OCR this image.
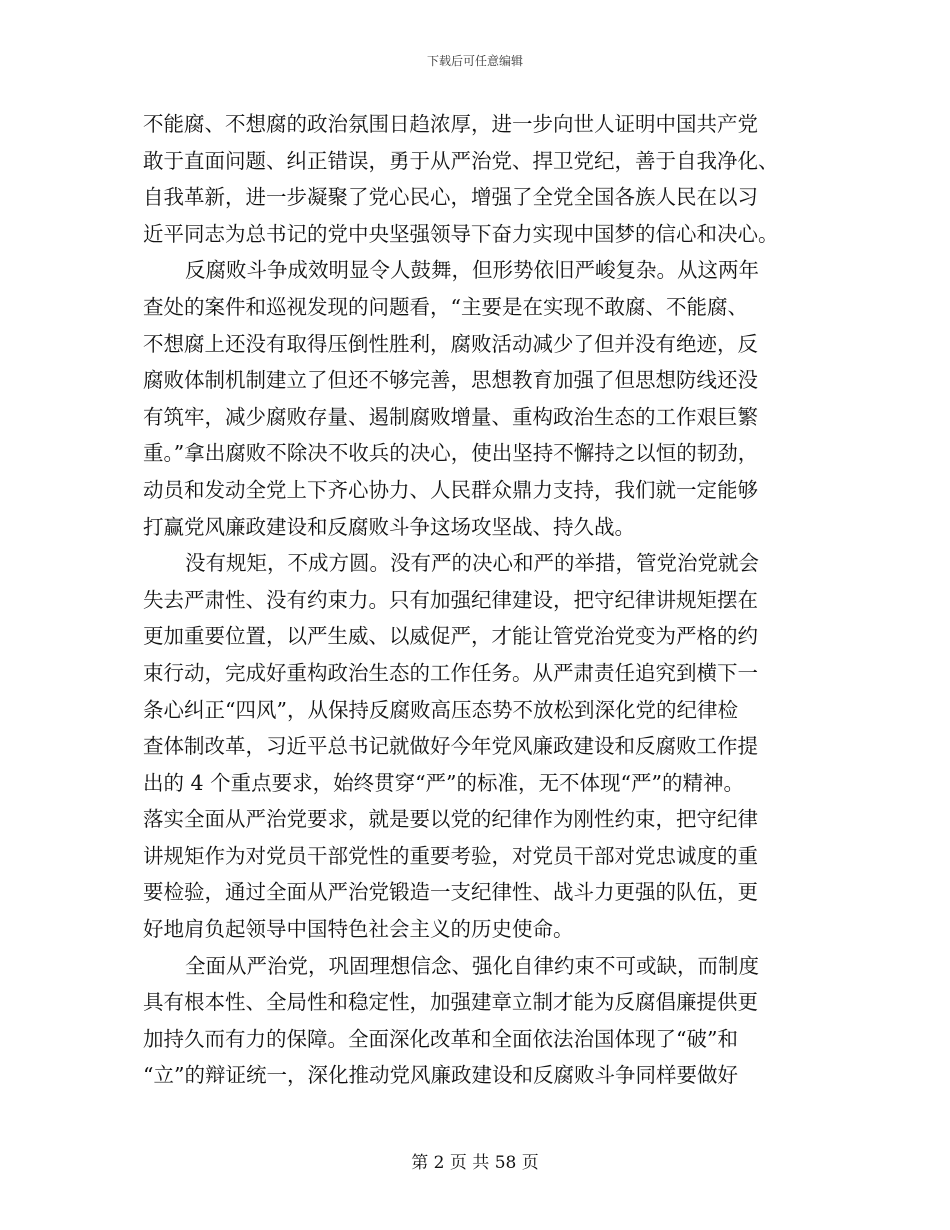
下载后可任意编辑
不能腐、不想腐的政治氛围日趋浓厚，进一步向世人证明中国共产党
敢于直面问题、纠正错误，勇于从严治党、捍卫党纪，善于自我净化、
自我革新，进一步凝聚了党心民心，增强了全党全国各族人民在以习
近平同志为总书记的党中央坚强领导下奋力实现中国梦的信心和决心。
反腐败斗争成效明显令人鼓舞，但形势依旧严峻复杂。从这两年
查处的案件和巡视发现的问题看，“主要是在实现不敢腐、不能腐、
不想腐上还没有取得压倒性胜利，腐败活动减少了但并没有绝迹，反
腐败体制机制建立了但还不够完善，思想教育加强了但思想防线还没
有筑牢，减少腐败存量、遏制腐败增量、重构政治生态的工作艰巨繁
重。”拿出腐败不除决不收兵的决心，使出坚持不懈持之以恒的韧劲，
动员和发动全党上下齐心协力、人民群众鼎力支持，我们就一定能够
打赢党风廉政建设和反腐败斗争这场攻坚战、持久战。
没有规矩，不成方圆。没有严的决心和严的举措，管党治党就会
失去严肃性、没有约束力。只有加强纪律建设，把守纪律讲规矩摆在
更加重要位置，以严生威、以威促严，才能让管党治党变为严格的约
束行动，完成好重构政治生态的工作任务。从严肃责任追究到横下一
条心纠正“四风”，从保持反腐败高压态势不放松到深化党的纪律检
查体制改革，习近平总书记就做好今年党风廉政建设和反腐败工作提
出的 4 个重点要求，始终贯穿“严”的标准，无不体现“严”的精神。
落实全面从严治党要求，就是要以党的纪律作为刚性约束，把守纪律
讲规矩作为对党员干部党性的重要考验，对党员干部对党忠诚度的重
要检验，通过全面从严治党锻造一支纪律性、战斗力更强的队伍，更
好地肩负起领导中国特色社会主义的历史使命。
全面从严治党，巩固理想信念、强化自律约束不可或缺，而制度
具有根本性、全局性和稳定性，加强建章立制才能为反腐倡廉提供更
加持久而有力的保障。全面深化改革和全面依法治国体现了“破”和
“立”的辩证统一，深化推动党风廉政建设和反腐败斗争同样要做好
第 2 页 共 58 页
